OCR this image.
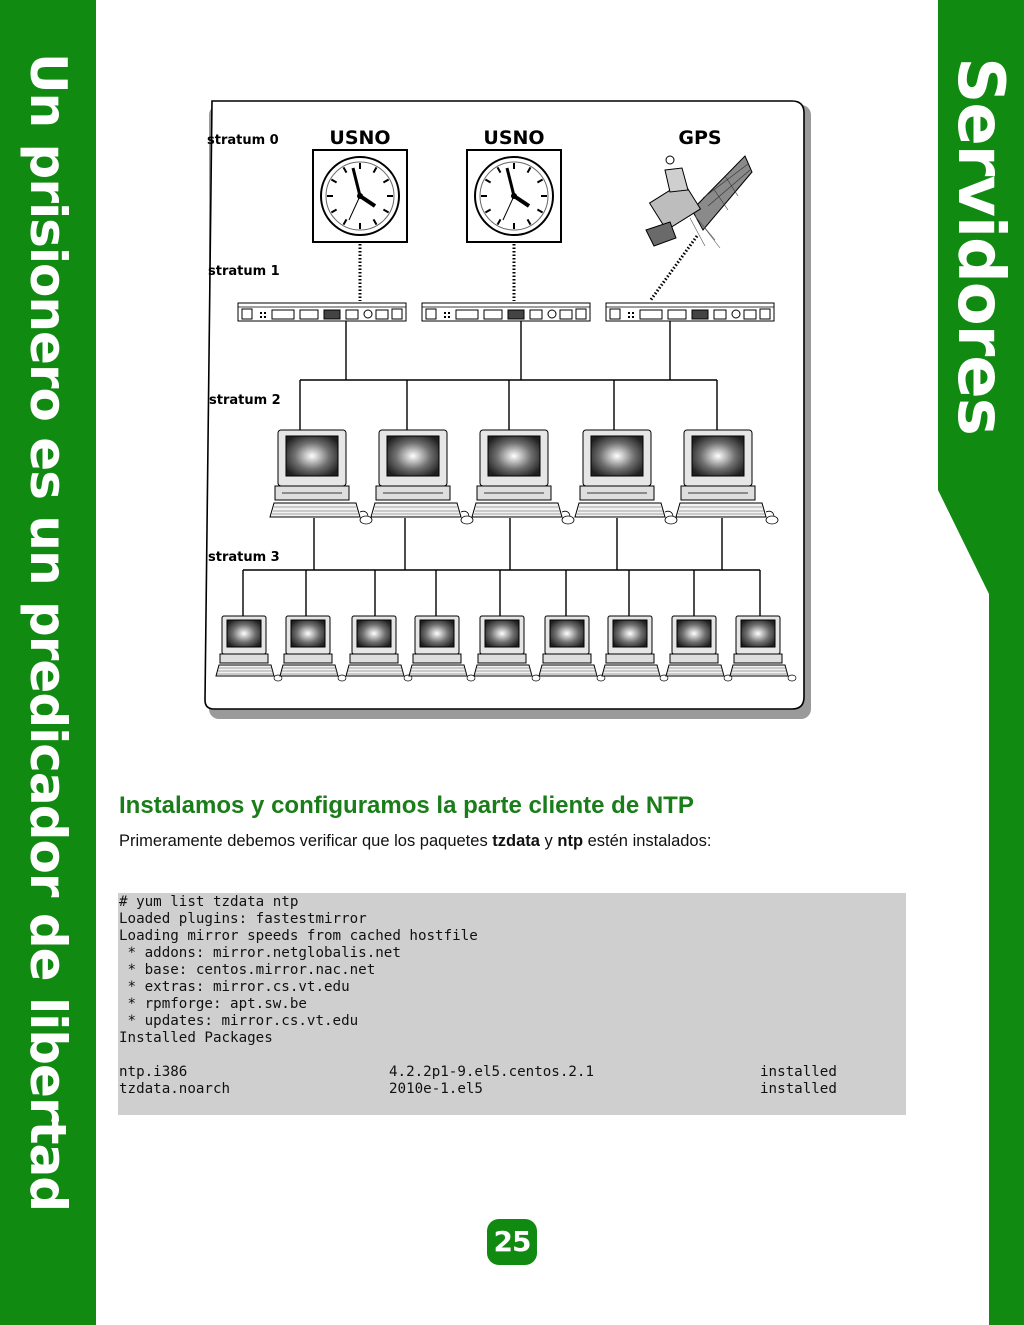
Un prisionero es un predicador de libertad	Servidores
stratum 0
stratum 1
stratum 2
stratum 3
USNO	USNO	GPS
Instalamos y configuramos la parte cliente de NTP

Primeramente debemos verificar que los paquetes tzdata y ntp estén instalados:

# yum list tzdata ntp
Loaded plugins: fastestmirror
Loading mirror speeds from cached hostfile
* addons: mirror.netglobalis.net
* base: centos.mirror.nac.net
* extras: mirror.cs.vt.edu
* rpmforge: apt.sw.be
* updates: mirror.cs.vt.edu
Installed Packages
ntp.i386	4.2.2p1-9.el5.centos.2.1	installed
tzdata.noarch	2010e-1.el5	installed
25
